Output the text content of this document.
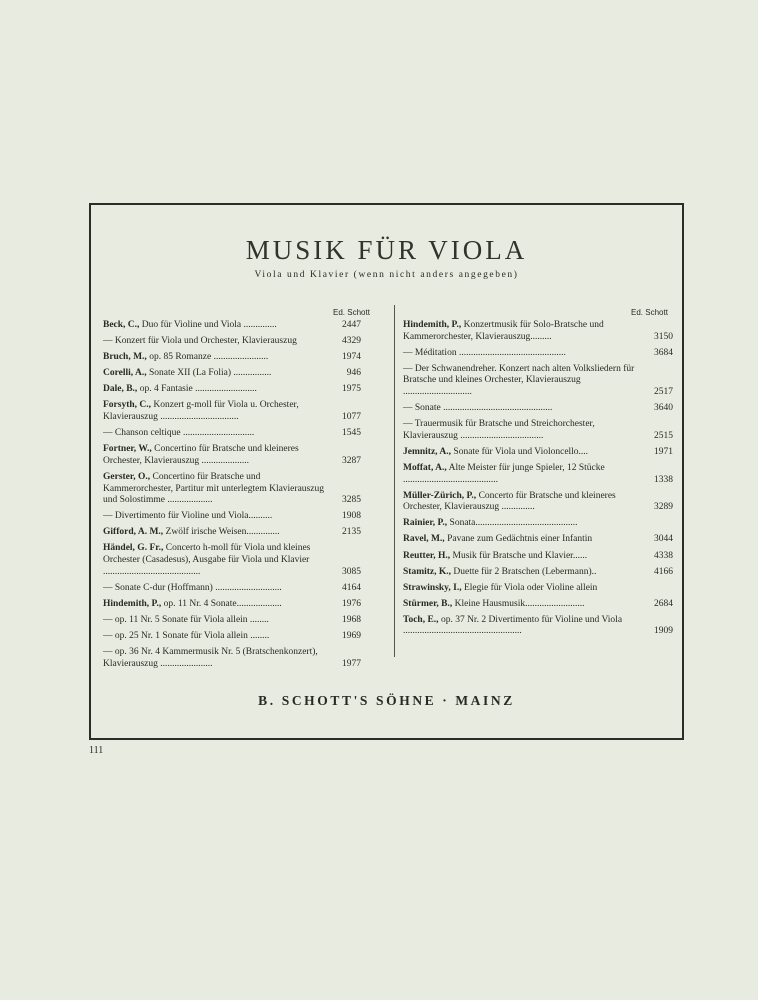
MUSIK FÜR VIOLA
Viola und Klavier (wenn nicht anders angegeben)
Ed. Schott	Ed. Schott
Beck, C., Duo für Violine und Viola ..............	2447
— Konzert für Viola und Orchester, Klavierauszug	4329
Bruch, M., op. 85 Romanze .......................	1974
Corelli, A., Sonate XII (La Folia) ................	946
Dale, B., op. 4 Fantasie ..........................	1975
Forsyth, C., Konzert g-moll für Viola u. Orchester, Klavierauszug .................................	1077
— Chanson celtique ..............................	1545
Fortner, W., Concertino für Bratsche und kleineres Orchester, Klavierauszug ....................	3287
Gerster, O., Concertino für Bratsche und Kammerorchester, Partitur mit unterlegtem Klavierauszug und Solostimme ...................	3285
— Divertimento für Violine und Viola..........	1908
Gifford, A. M., Zwölf irische Weisen..............	2135
Händel, G. Fr., Concerto h-moll für Viola und kleines Orchester (Casadesus), Ausgabe für Viola und Klavier .........................................	3085
— Sonate C-dur (Hoffmann) ............................	4164
Hindemith, P., op. 11 Nr. 4 Sonate...................	1976
— op. 11 Nr. 5 Sonate für Viola allein ........	1968
— op. 25 Nr. 1 Sonate für Viola allein ........	1969
— op. 36 Nr. 4 Kammermusik Nr. 5 (Bratschenkonzert), Klavierauszug ......................	1977
Hindemith, P., Konzertmusik für Solo-Bratsche und Kammerorchester, Klavierauszug.........	3150
— Méditation .............................................	3684
— Der Schwanendreher. Konzert nach alten Volksliedern für Bratsche und kleines Orchester, Klavierauszug .............................	2517
— Sonate ..............................................	3640
— Trauermusik für Bratsche und Streichorchester, Klavierauszug ...................................	2515
Jemnitz, A., Sonate für Viola und Violoncello....	1971
Moffat, A., Alte Meister für junge Spieler, 12 Stücke ........................................	1338
Müller-Zürich, P., Concerto für Bratsche und kleineres Orchester, Klavierauszug ..............	3289
Rainier, P., Sonata...........................................
Ravel, M., Pavane zum Gedächtnis einer Infantin	3044
Reutter, H., Musik für Bratsche und Klavier......	4338
Stamitz, K., Duette für 2 Bratschen (Lebermann)..	4166
Strawinsky, I., Elegie für Viola oder Violine allein
Stürmer, B., Kleine Hausmusik.........................	2684
Toch, E., op. 37 Nr. 2 Divertimento für Violine und Viola ..................................................	1909
B. SCHOTT'S SÖHNE · MAINZ
111
